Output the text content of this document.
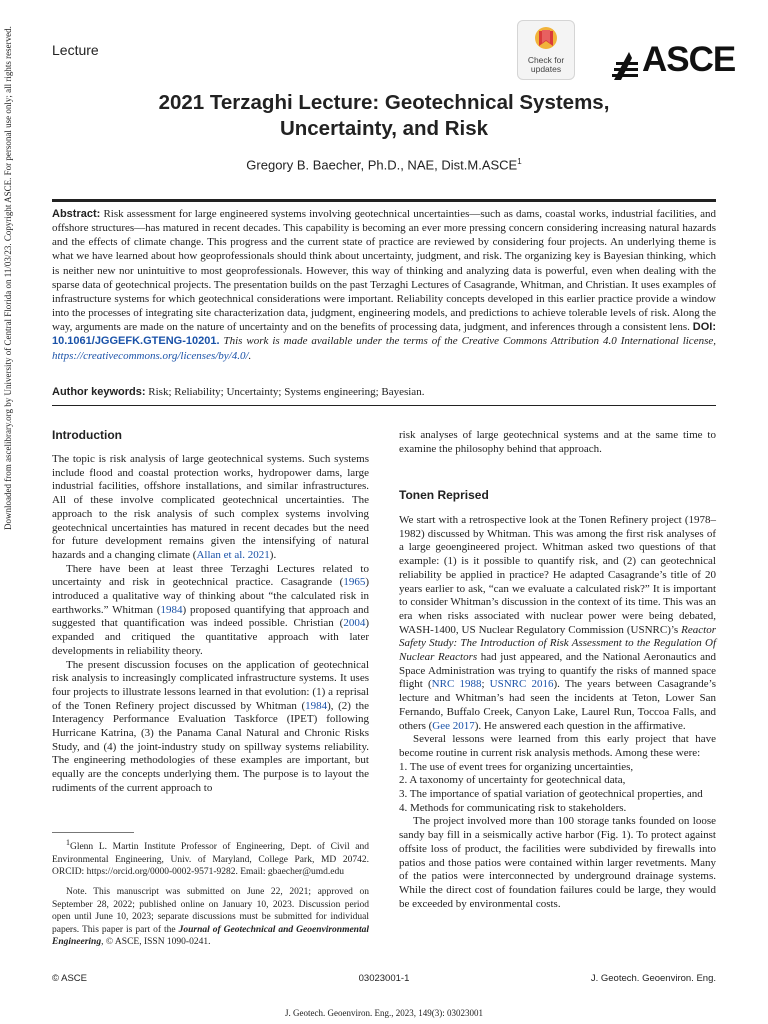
Lecture
Check for
updates	ASCE
2021 Terzaghi Lecture: Geotechnical Systems,
Uncertainty, and Risk
Gregory B. Baecher, Ph.D., NAE, Dist.M.ASCE$^1$
Abstract: Risk assessment for large engineered systems involving geotechnical uncertainties—such as dams, coastal works, industrial facilities, and offshore structures—has matured in recent decades. This capability is becoming an ever more pressing concern considering increasing natural hazards and the effects of climate change. This progress and the current state of practice are reviewed by considering four projects. An underlying theme is what we have learned about how geoprofessionals should think about uncertainty, judgment, and risk. The organizing key is Bayesian thinking, which is neither new nor unintuitive to most geoprofessionals. However, this way of thinking and analyzing data is powerful, even when dealing with the sparse data of geotechnical projects. The presentation builds on the past Terzaghi Lectures of Casagrande, Whitman, and Christian. It uses examples of infrastructure systems for which geotechnical considerations were important. Reliability concepts developed in this earlier practice provide a window into the processes of integrating site characterization data, judgment, engineering models, and predictions to achieve tolerable levels of risk. Along the way, arguments are made on the nature of uncertainty and on the benefits of processing data, judgment, and inferences through a consistent lens. DOI: 10.1061/JGGEFK.GTENG-10201. This work is made available under the terms of the Creative Commons Attribution 4.0 International license, https://creativecommons.org/licenses/by/4.0/.
Author keywords: Risk; Reliability; Uncertainty; Systems engineering; Bayesian.
Introduction

The topic is risk analysis of large geotechnical systems. Such systems include flood and coastal protection works, hydropower dams, large industrial facilities, offshore installations, and similar infrastructures. All of these involve complicated geotechnical uncertainties. The approach to the risk analysis of such complex systems involving geotechnical uncertainties has matured in recent decades but the need for future development remains given the intensifying of natural hazards and a changing climate (Allan et al. 2021).

There have been at least three Terzaghi Lectures related to uncertainty and risk in geotechnical practice. Casagrande (1965) introduced a qualitative way of thinking about “the calculated risk in earthworks.” Whitman (1984) proposed quantifying that approach and suggested that quantification was indeed possible. Christian (2004) expanded and critiqued the quantitative approach with later developments in reliability theory.

The present discussion focuses on the application of geotechnical risk analysis to increasingly complicated infrastructure systems. It uses four projects to illustrate lessons learned in that evolution: (1) a reprisal of the Tonen Refinery project discussed by Whitman (1984), (2) the Interagency Performance Evaluation Taskforce (IPET) following Hurricane Katrina, (3) the Panama Canal Natural and Chronic Risks Study, and (4) the joint-industry study on spillway systems reliability. The engineering methodologies of these examples are important, but equally are the concepts underlying them. The purpose is to layout the rudiments of the current approach to

$^1$Glenn L. Martin Institute Professor of Engineering, Dept. of Civil and Environmental Engineering, Univ. of Maryland, College Park, MD 20742. ORCID: https://orcid.org/0000-0002-9571-9282. Email: gbaecher@umd.edu

Note. This manuscript was submitted on June 22, 2021; approved on September 28, 2022; published online on January 10, 2023. Discussion period open until June 10, 2023; separate discussions must be submitted for individual papers. This paper is part of the Journal of Geotechnical and Geoenvironmental Engineering, © ASCE, ISSN 1090-0241.

risk analyses of large geotechnical systems and at the same time to examine the philosophy behind that approach.

Tonen Reprised

We start with a retrospective look at the Tonen Refinery project (1978–1982) discussed by Whitman. This was among the first risk analyses of a large geoengineered project. Whitman asked two questions of that example: (1) is it possible to quantify risk, and (2) can geotechnical reliability be applied in practice? He adapted Casagrande’s title of 20 years earlier to ask, “can we evaluate a calculated risk?” It is important to consider Whitman’s discussion in the context of its time. This was an era when risks associated with nuclear power were being debated, WASH-1400, US Nuclear Regulatory Commission (USNRC)’s Reactor Safety Study: The Introduction of Risk Assessment to the Regulation Of Nuclear Reactors had just appeared, and the National Aeronautics and Space Administration was trying to quantify the risks of manned space flight (NRC 1988; USNRC 2016). The years between Casagrande’s lecture and Whitman’s had seen the incidents at Teton, Lower San Fernando, Buffalo Creek, Canyon Lake, Laurel Run, Toccoa Falls, and others (Gee 2017). He answered each question in the affirmative.

Several lessons were learned from this early project that have become routine in current risk analysis methods. Among these were:

1. The use of event trees for organizing uncertainties,
2. A taxonomy of uncertainty for geotechnical data,
3. The importance of spatial variation of geotechnical properties, and
4. Methods for communicating risk to stakeholders.

The project involved more than 100 storage tanks founded on loose sandy bay fill in a seismically active harbor (Fig. 1). To protect against offsite loss of product, the facilities were subdivided by firewalls into patios and those patios were contained within larger revetments. Many of the patios were interconnected by underground drainage systems. While the direct cost of foundation failures could be large, they would be exceeded by environmental costs.

© ASCE	03023001-1	J. Geotech. Geoenviron. Eng.
J. Geotech. Geoenviron. Eng., 2023, 149(3): 03023001
Downloaded from ascelibrary.org by University of Central Florida on 11/03/23. Copyright ASCE. For personal use only; all rights reserved.
